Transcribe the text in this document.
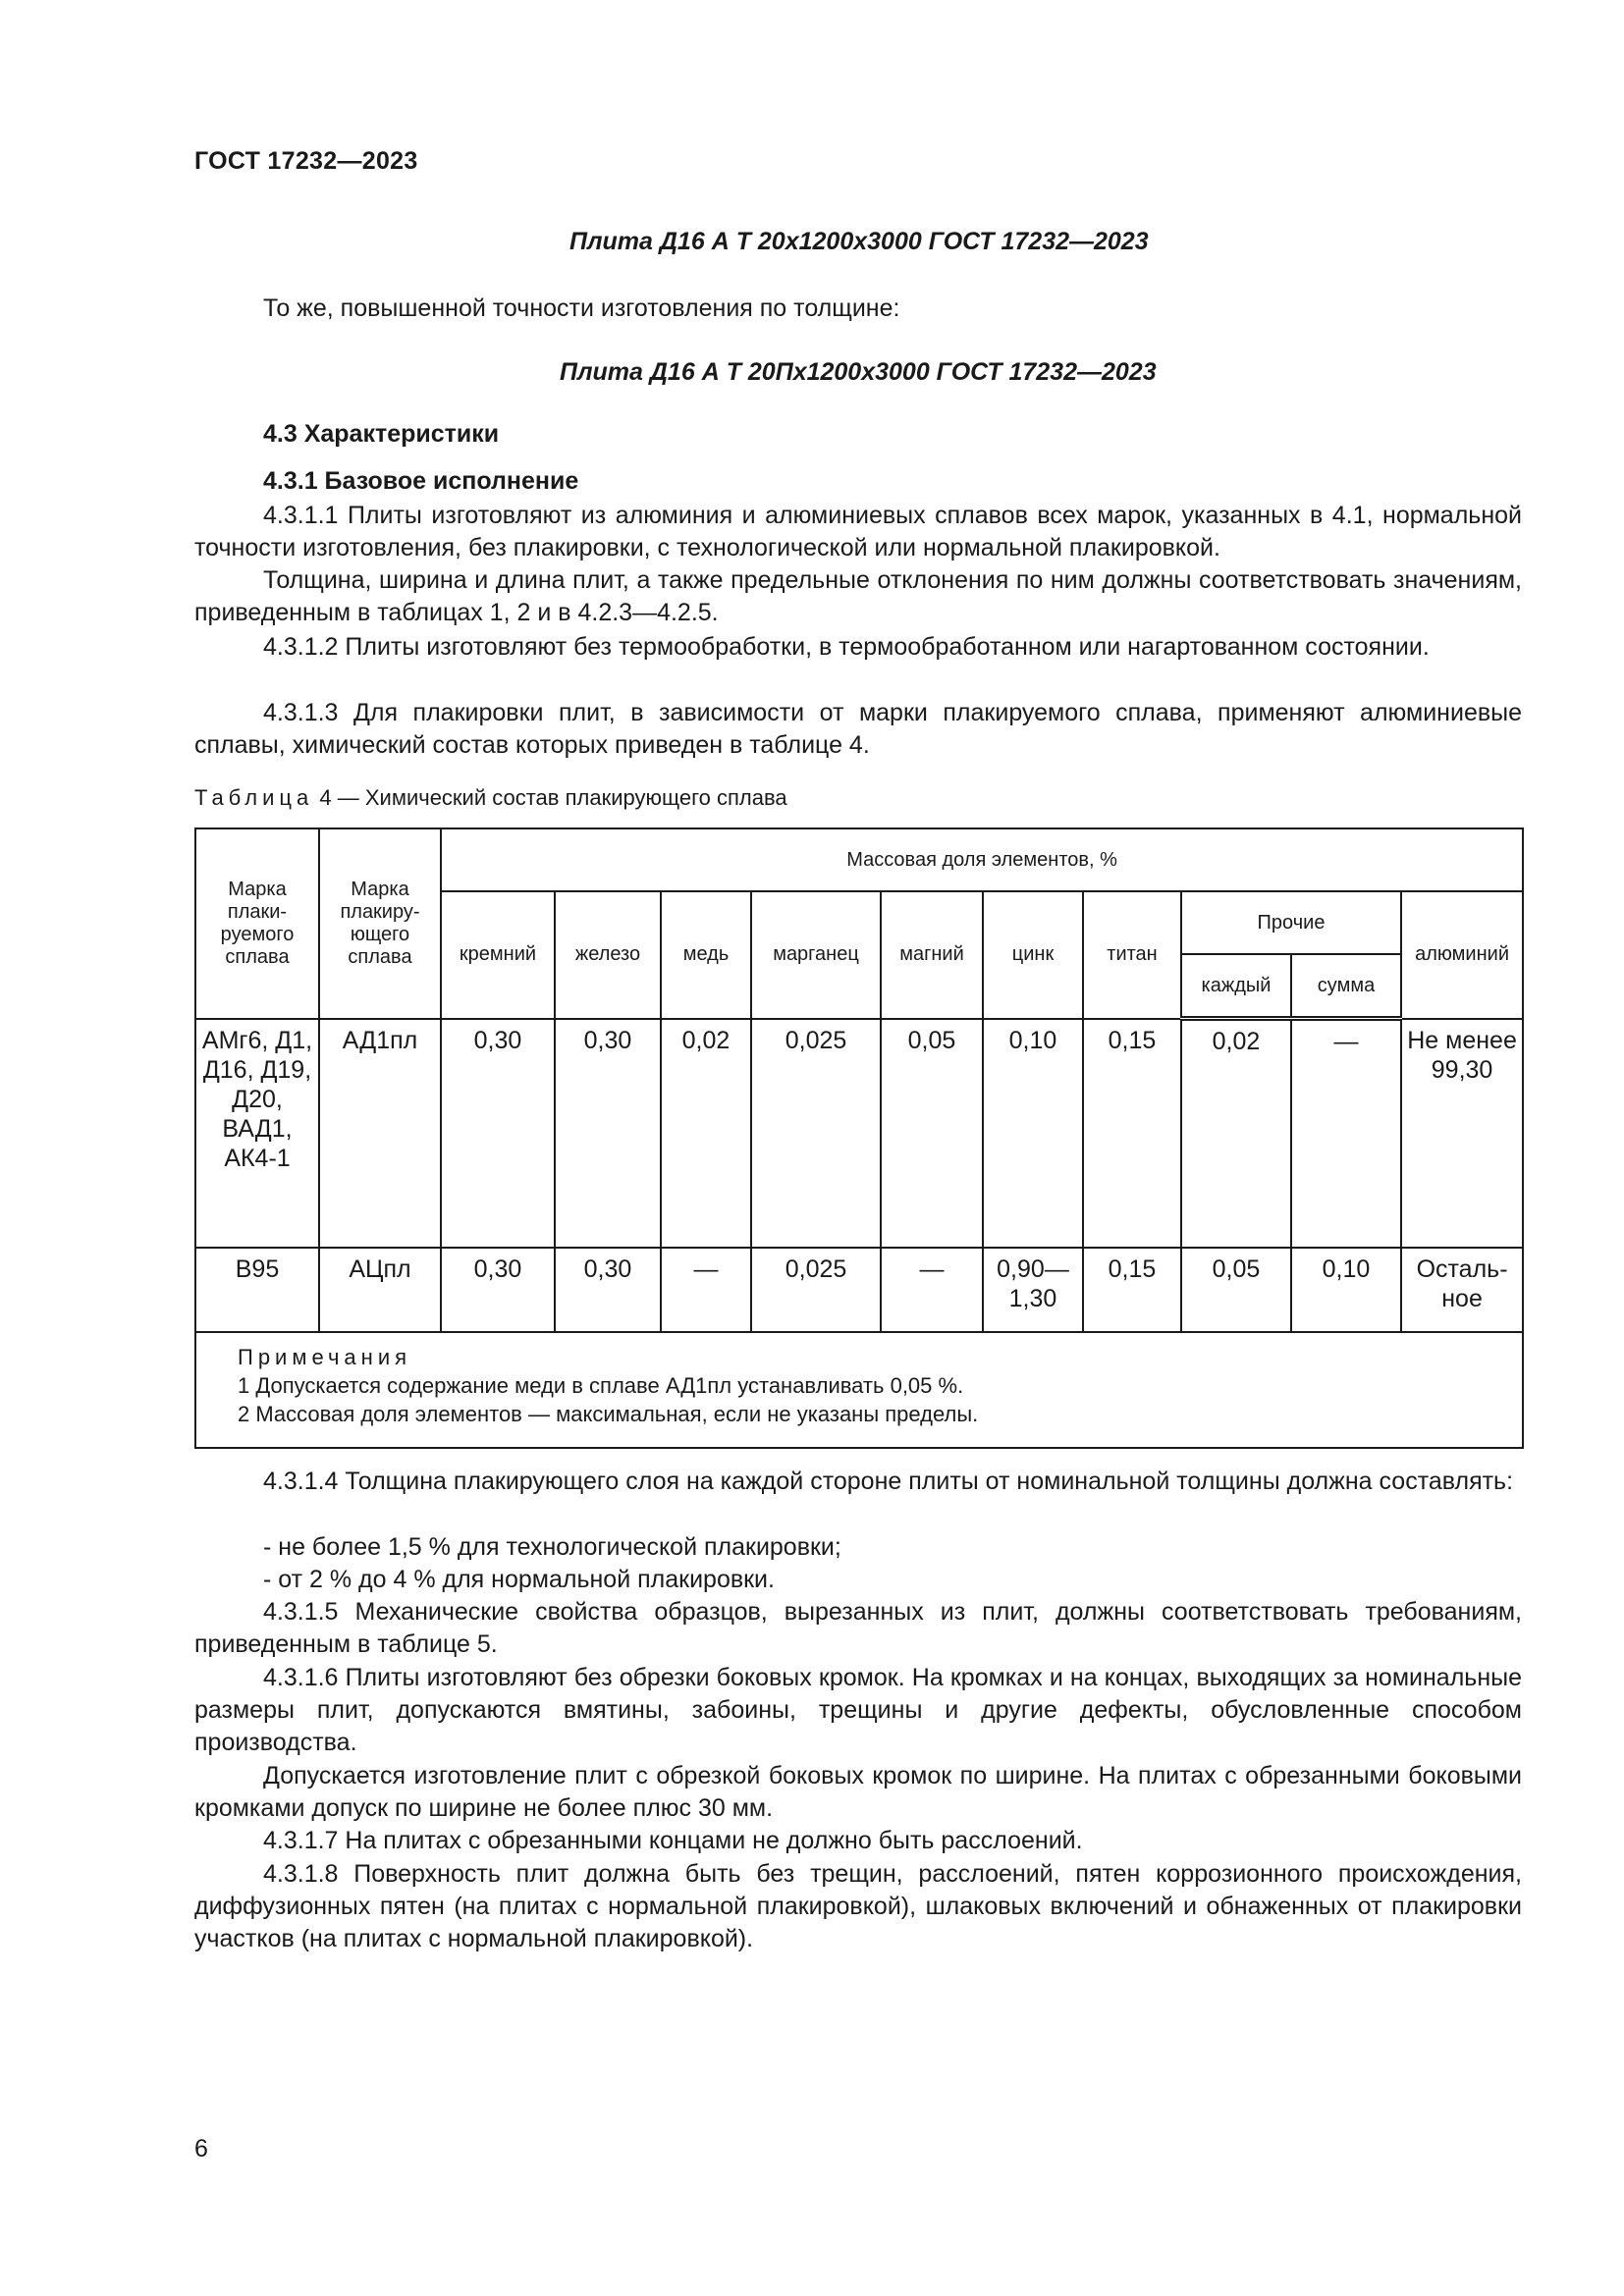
ГОСТ 17232—2023
Плита Д16 А Т 20х1200х3000 ГОСТ 17232—2023
То же, повышенной точности изготовления по толщине:
Плита Д16 А Т 20Пх1200х3000 ГОСТ 17232—2023
4.3 Характеристики
4.3.1 Базовое исполнение
4.3.1.1 Плиты изготовляют из алюминия и алюминиевых сплавов всех марок, указанных в 4.1, нормальной точности изготовления, без плакировки, с технологической или нормальной плакировкой.
Толщина, ширина и длина плит, а также предельные отклонения по ним должны соответствовать значениям, приведенным в таблицах 1, 2 и в 4.2.3—4.2.5.
4.3.1.2 Плиты изготовляют без термообработки, в термообработанном или нагартованном состоянии.
4.3.1.3 Для плакировки плит, в зависимости от марки плакируемого сплава, применяют алюминиевые сплавы, химический состав которых приведен в таблице 4.
Таблица 4 — Химический состав плакирующего сплава
Марка плаки-руемого сплава	Марка плакиру-ющего сплава	Массовая доля элементов, %									
		кремний	железо	медь	марганец	магний	цинк	титан	Прочие		алюминий
									каждый	сумма	
АМг6, Д1, Д16, Д19, Д20, ВАД1, АК4-1	АД1пл	0,30	0,30	0,02	0,025	0,05	0,10	0,15	0,02	—	Не менее 99,30
В95	АЦпл	0,30	0,30	—	0,025	—	0,90—1,30	0,15	0,05	0,10	Осталь-ное

Примечания
1 Допускается содержание меди в сплаве АД1пл устанавливать 0,05 %.
2 Массовая доля элементов — максимальная, если не указаны пределы.											
4.3.1.4 Толщина плакирующего слоя на каждой стороне плиты от номинальной толщины должна составлять:
- не более 1,5 % для технологической плакировки;
- от 2 % до 4 % для нормальной плакировки.
4.3.1.5 Механические свойства образцов, вырезанных из плит, должны соответствовать требованиям, приведенным в таблице 5.
4.3.1.6 Плиты изготовляют без обрезки боковых кромок. На кромках и на концах, выходящих за номинальные размеры плит, допускаются вмятины, забоины, трещины и другие дефекты, обусловленные способом производства.
Допускается изготовление плит с обрезкой боковых кромок по ширине. На плитах с обрезанными боковыми кромками допуск по ширине не более плюс 30 мм.
4.3.1.7 На плитах с обрезанными концами не должно быть расслоений.
4.3.1.8 Поверхность плит должна быть без трещин, расслоений, пятен коррозионного происхождения, диффузионных пятен (на плитах с нормальной плакировкой), шлаковых включений и обнаженных от плакировки участков (на плитах с нормальной плакировкой).
6
